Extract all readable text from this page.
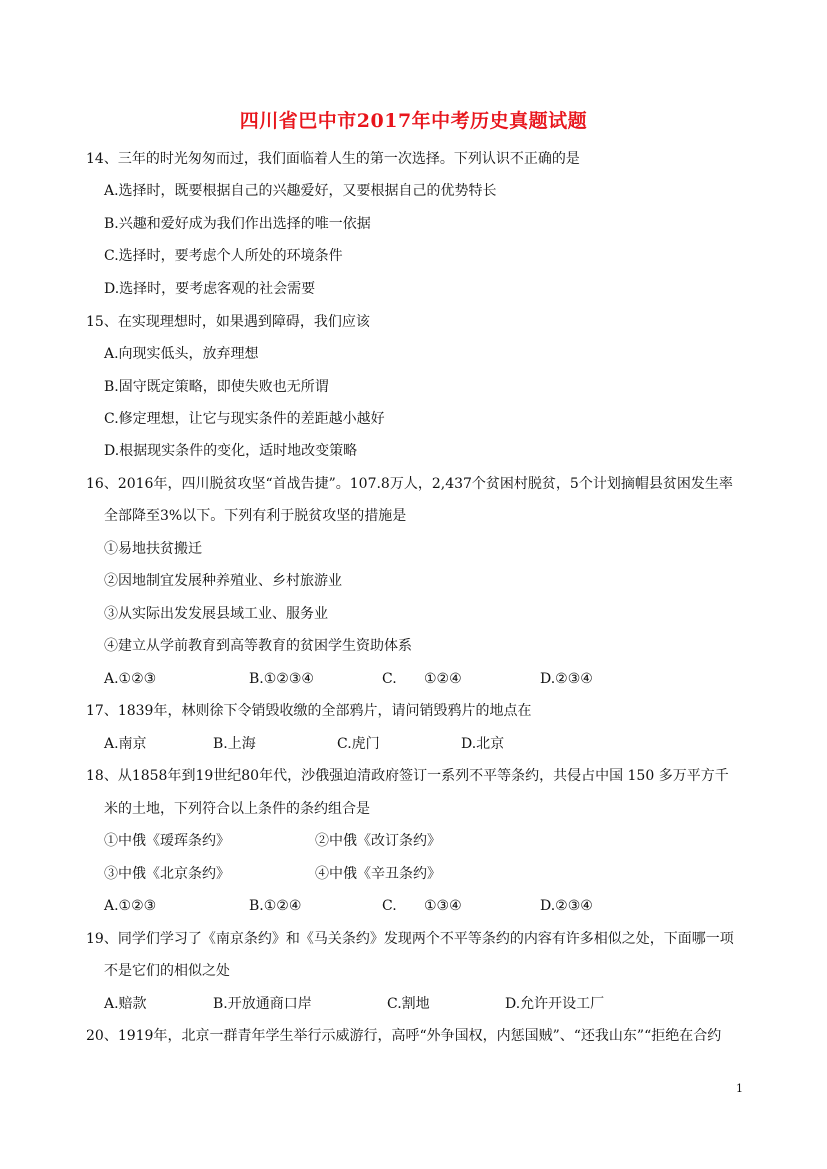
四川省巴中市2017年中考历史真题试题
14、三年的时光匆匆而过，我们面临着人生的第一次选择。下列认识不正确的是
A.选择时，既要根据自己的兴趣爱好，又要根据自己的优势特长
B.兴趣和爱好成为我们作出选择的唯一依据
C.选择时，要考虑个人所处的环境条件
D.选择时，要考虑客观的社会需要
15、在实现理想时，如果遇到障碍，我们应该
A.向现实低头，放弃理想
B.固守既定策略，即使失败也无所谓
C.修定理想，让它与现实条件的差距越小越好
D.根据现实条件的变化，适时地改变策略
16、2016年，四川脱贫攻坚“首战告捷”。107.8万人，2,437个贫困村脱贫，5个计划摘帽县贫困发生率
全部降至3%以下。下列有利于脱贫攻坚的措施是
①易地扶贫搬迁
②因地制宜发展种养殖业、乡村旅游业
③从实际出发发展县域工业、服务业
④建立从学前教育到高等教育的贫困学生资助体系
A.①②③	B.①②③④	C. ①②④	D.②③④
17、1839年，林则徐下令销毁收缴的全部鸦片，请问销毁鸦片的地点在
A.南京	B.上海	C.虎门	D.北京
18、从1858年到19世纪80年代，沙俄强迫清政府签订一系列不平等条约，共侵占中国 150 多万平方千
米的土地，下列符合以上条件的条约组合是
①中俄《瑷珲条约》	②中俄《改订条约》
③中俄《北京条约》	④中俄《辛丑条约》
A.①②③	B.①②④	C. ①③④	D.②③④
19、同学们学习了《南京条约》和《马关条约》发现两个不平等条约的内容有许多相似之处，下面哪一项
不是它们的相似之处
A.赔款	B.开放通商口岸	C.割地	D.允许开设工厂
20、1919年，北京一群青年学生举行示威游行，高呼“外争国权，内惩国贼”、“还我山东”“拒绝在合约
1
